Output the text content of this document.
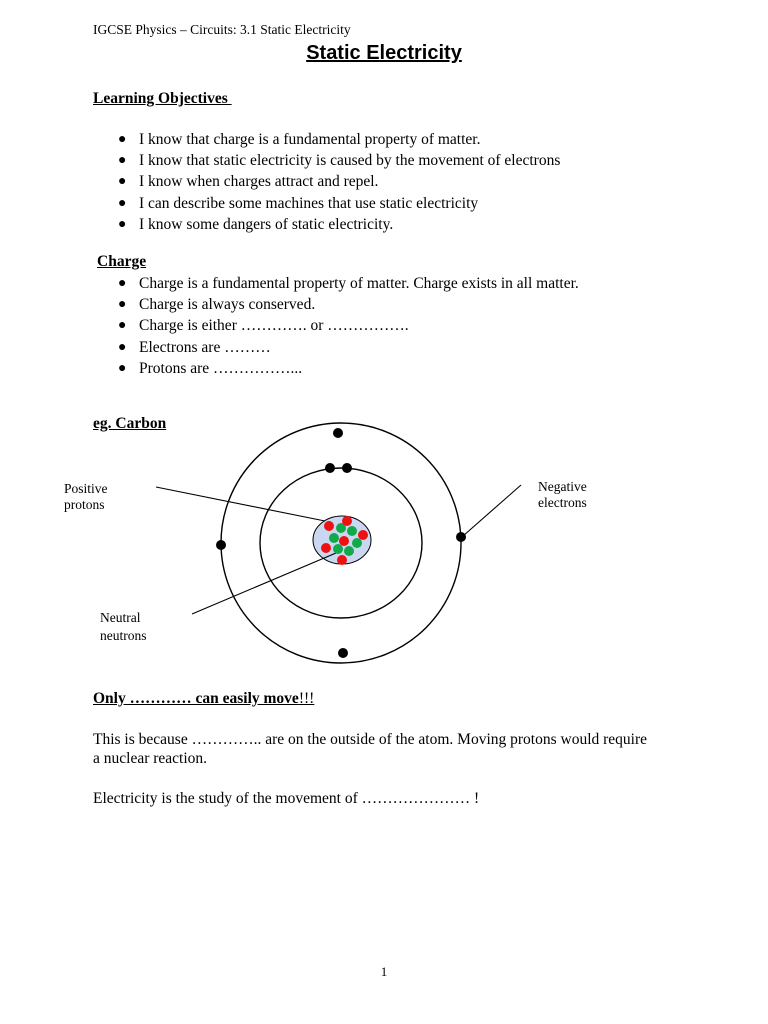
IGCSE Physics – Circuits: 3.1 Static Electricity
Static Electricity
Learning Objectives
● I know that charge is a fundamental property of matter.
● I know that static electricity is caused by the movement of electrons
● I know when charges attract and repel.
● I can describe some machines that use static electricity
● I know some dangers of static electricity.
Charge
● Charge is a fundamental property of matter. Charge exists in all matter.
● Charge is always conserved.
● Charge is either …………. or …………….
● Electrons are ………
● Protons are ……………...
eg. Carbon
Positive
protons
Neutral
neutrons
Negative
electrons
Only ………… can easily move!!!
This is because ………….. are on the outside of the atom. Moving protons would require a nuclear reaction.
Electricity is the study of the movement of ………………… !
1
